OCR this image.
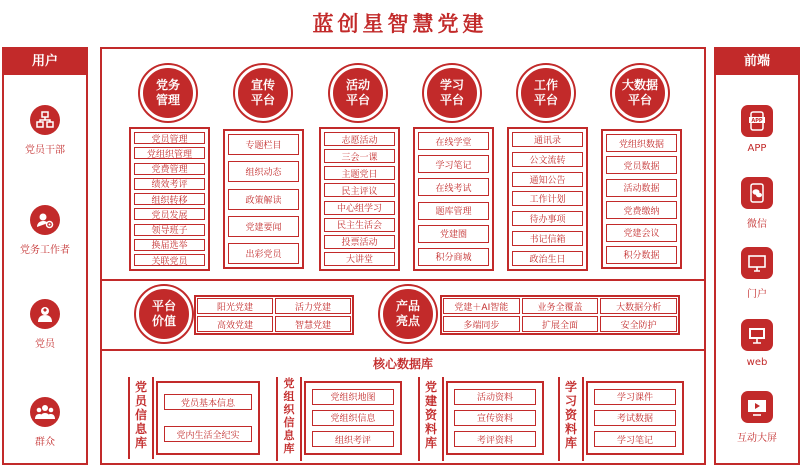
蓝创星智慧党建
用户
党员干部
党务工作者
党员
群众
前端
APP
APP
微信
门户
web
互动大屏
党务
管理
宣传
平台
活动
平台
学习
平台
工作
平台
大数据
平台
党员管理
党组织管理
党费管理
绩效考评
组织转移
党员发展
领导班子
换届选举
关联党员
专题栏目
组织动态
政策解读
党建要闻
出彩党员
志愿活动
三会一课
主题党日
民主评议
中心组学习
民主生活会
投票活动
大讲堂
在线学堂
学习笔记
在线考试
题库管理
党建圈
积分商城
通讯录
公文流转
通知公告
工作计划
待办事项
书记信箱
政治生日
党组织数据
党员数据
活动数据
党费缴纳
党建会议
积分数据
平台
价值
阳光党建	活力党建
高效党建	智慧党建
产品
亮点
党建＋AI智能	业务全覆盖	大数据分析
多端同步	扩展全面	安全防护
核心数据库
党
员
信
息
库
党员基本信息
党内生活全纪实
党
组
织
信
息
库
党组织地图
党组织信息
组织考评
党
建
资
料
库
活动资料
宣传资料
考评资料
学
习
资
料
库
学习课件
考试数据
学习笔记
